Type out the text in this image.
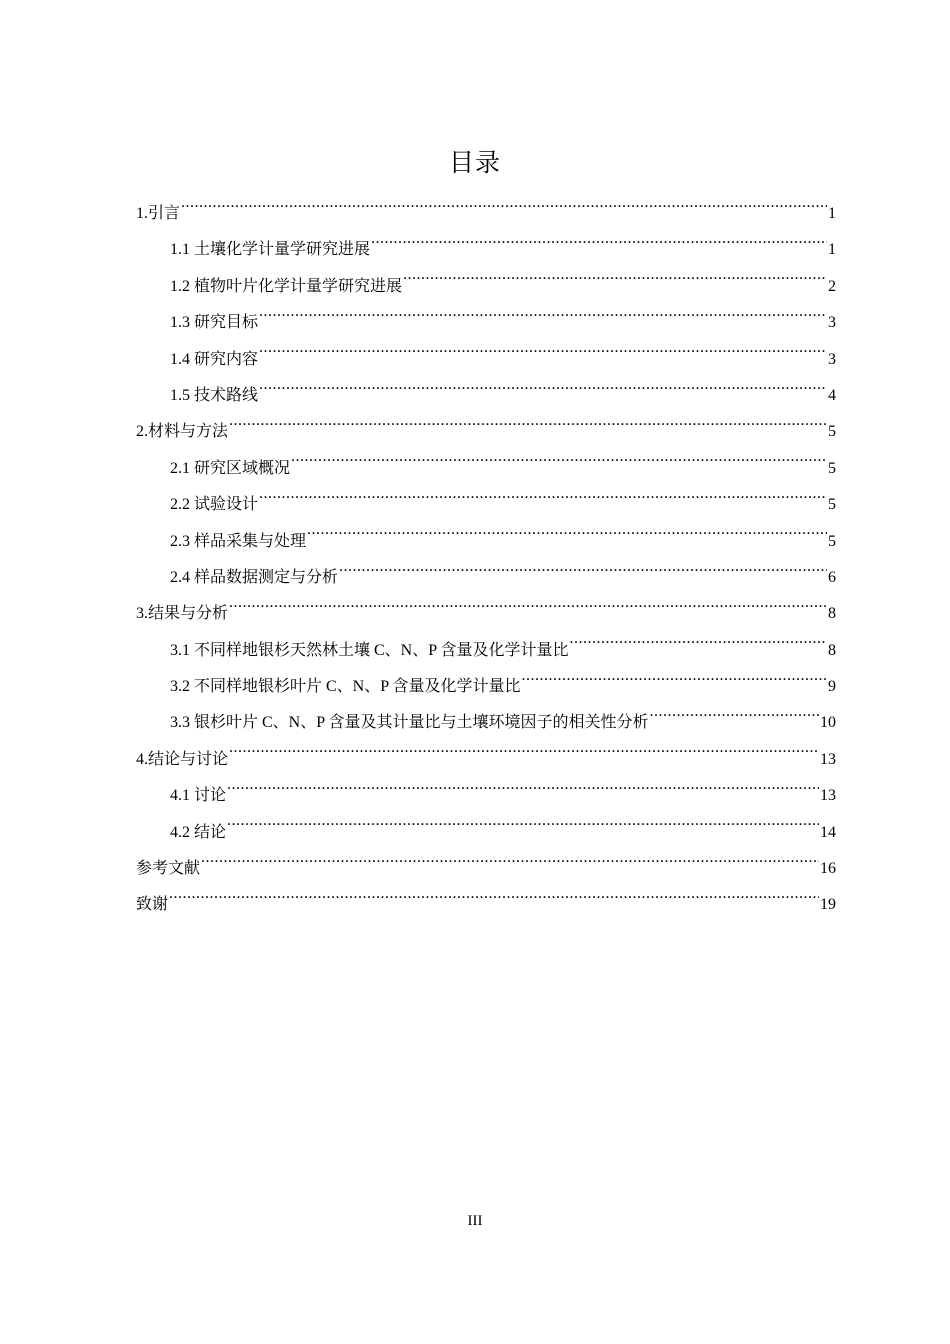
目录
1.引言 .....	1
1.1 土壤化学计量学研究进展 .....	1
1.2 植物叶片化学计量学研究进展 .....	2
1.3 研究目标 .....	3
1.4 研究内容 .....	3
1.5 技术路线 .....	4
2.材料与方法 .....	5
2.1 研究区域概况 .....	5
2.2 试验设计 .....	5
2.3 样品采集与处理 .....	5
2.4 样品数据测定与分析 .....	6
3.结果与分析 .....	8
3.1 不同样地银杉天然林土壤 C、N、P 含量及化学计量比 .....	8
3.2 不同样地银杉叶片 C、N、P 含量及化学计量比 .....	9
3.3 银杉叶片 C、N、P 含量及其计量比与土壤环境因子的相关性分析 .....	10
4.结论与讨论 .....	13
4.1 讨论 .....	13
4.2 结论 .....	14
参考文献 .....	16
致谢 .....	19
III
